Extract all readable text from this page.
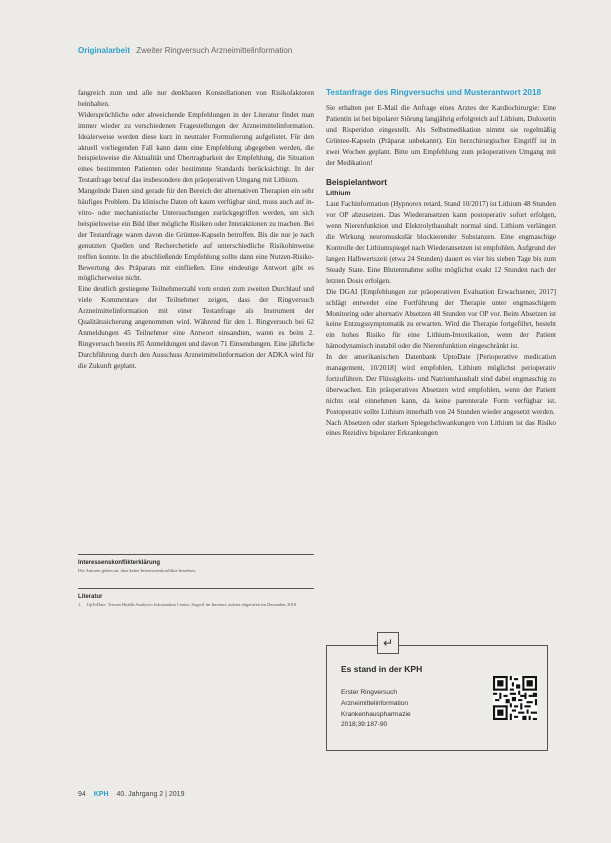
Originalarbeit Zweiter Ringversuch Arzneimittelinformation

fangreich zum und alle nur denkbaren Konstellationen von Risikofaktoren beinhalten.

Widersprüchliche oder abweichende Empfehlungen in der Literatur findet man immer wieder zu verschiedenen Fragestellungen der Arzneimittelinformation. Idealerweise werden diese kurz in neutraler Formulierung aufgelistet. Für den aktuell vorliegenden Fall kann dann eine Empfehlung abgegeben werden, die beispielsweise die Aktualität und Übertragbarkeit der Empfehlung, die Situation eines bestimmten Patienten oder bestimmte Standards berücksichtigt. In der Testanfrage betraf das insbesondere den präoperativen Umgang mit Lithium.

Mangelnde Daten sind gerade für den Bereich der alternativen Therapien ein sehr häufiges Problem. Da klinische Daten oft kaum verfügbar sind, muss auch auf in-vitro- oder mechanistische Untersuchungen zurückgegriffen werden, um sich beispielsweise ein Bild über mögliche Risiken oder Interaktionen zu machen. Bei der Testanfrage waren davon die Grüntee-Kapseln betroffen. Bis die nur je nach genutzten Quellen und Recherchetiefe auf unterschiedliche Risikohinweise treffen konnte. In die abschließende Empfehlung sollte dann eine Nutzen-Risiko-Bewertung des Präparats mit einfließen. Eine eindeutige Antwort gibt es möglicherweise nicht.

Eine deutlich gestiegene Teilnehmerzahl vom ersten zum zweiten Durchlauf und viele Kommentare der Teilnehmer zeigen, dass der Ringversuch Arzneimittelinformation mit einer Testanfrage als Instrument der Qualitätssicherung angenommen wird. Während für den 1. Ringversuch bei 62 Anmeldungen 45 Teilnehmer eine Antwort einsandten, waren es beim 2. Ringversuch bereits 85 Anmeldungen und davon 71 Einsendungen. Eine jährliche Durchführung durch den Ausschuss Arzneimittelinformation der ADKA wird für die Zukunft geplant.

Interessenskonflikterklärung

Die Autoren geben an, dass keine Interessenskonflikte bestehen.

Literatur
1. UpToDate. Truven Health Analytics Information Center. Zugriff im Internet, zuletzt abgerufen im Dezember 2018
Testanfrage des Ringversuchs und Musterantwort 2018

Sie erhalten per E-Mail die Anfrage eines Arztes der Kardiochirurgie: Eine Patientin ist bei bipolarer Störung langjährig erfolgreich auf Lithium, Duloxetin und Risperidon eingestellt. Als Selbstmedikation nimmt sie regelmäßig Grüntee-Kapseln (Präparat unbekannt). Ein herzchirurgischer Eingriff ist in zwei Wochen geplant. Bitte um Empfehlung zum präoperativen Umgang mit der Medikation!

Beispielantwort
Lithium

Laut Fachinformation (Hypnorex retard, Stand 10/2017) ist Lithium 48 Stunden vor OP abzusetzen. Das Wiederansetzen kann postoperativ sofort erfolgen, wenn Nierenfunktion und Elektrolythaushalt normal sind. Lithium verlängert die Wirkung neuromuskulär blockierender Substanzen. Eine engmaschige Kontrolle der Lithiumspiegel nach Wiederansetzen ist empfohlen. Aufgrund der langen Halbwertszeit (etwa 24 Stunden) dauert es vier bis sieben Tage bis zum Steady State. Eine Blutentnahme sollte möglichst exakt 12 Stunden nach der letzten Dosis erfolgen.

Die DGAI [Empfehlungen zur präoperativen Evaluation Erwachsener, 2017] schlägt entweder eine Fortführung der Therapie unter engmaschigem Monitoring oder alternativ Absetzen 48 Stunden vor OP vor. Beim Absetzen ist keine Entzugssymptomatik zu erwarten. Wird die Therapie fortgeführt, besteht ein hohes Risiko für eine Lithium-Intoxikation, wenn der Patient hämodynamisch instabil oder die Nierenfunktion eingeschränkt ist.

In der amerikanischen Datenbank UptoDate [Perioperative medication management, 10/2018] wird empfohlen, Lithium möglichst perioperativ fortzuführen. Der Flüssigkeits- und Natriumhaushalt sind dabei engmaschig zu überwachen. Ein präoperatives Absetzen wird empfohlen, wenn der Patient nichts oral einnehmen kann, da keine parenterale Form verfügbar ist. Postoperativ sollte Lithium innerhalb von 24 Stunden wieder angesetzt werden.

Nach Absetzen oder starken Spiegelschwankungen von Lithium ist das Risiko eines Rezidivs bipolarer Erkrankungen

↵
Es stand in der KPH
Erster Ringversuch
Arzneimittelinformation
Krankenhauspharmazie
2018;39:187-90
94 KPH 40. Jahrgang 2 | 2019
